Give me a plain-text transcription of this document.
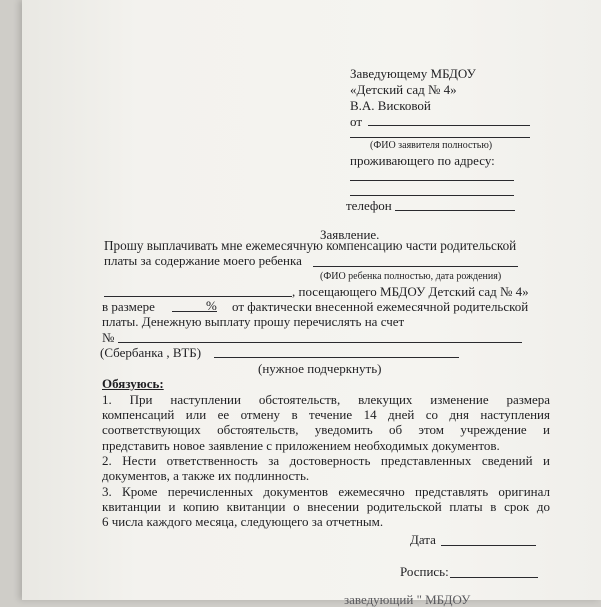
Заведующему МБДОУ
«Детский сад № 4»
В.А. Висковой
от
(ФИО заявителя полностью)
проживающего по адресу:
телефон
Заявление.
Прошу выплачивать мне ежемесячную компенсацию части родительской
платы за содержание моего ребенка
(ФИО ребенка полностью, дата рождения)
, посещающего МБДОУ Детский сад № 4»
в размере	% от фактически внесенной ежемесячной родительской
платы. Денежную выплату прошу перечислять на счет
№
(Сбербанка , ВТБ)
(нужное подчеркнуть)
Обязуюсь:
1. При наступлении обстоятельств, влекущих изменение размера
компенсаций или ее отмену в течение 14 дней со дня наступления
соответствующих обстоятельств, уведомить об этом учреждение и
представить новое заявление с приложением необходимых документов.
2. Нести ответственность за достоверность представленных сведений и
документов, а также их подлинность.
3. Кроме перечисленных документов ежемесячно представлять оригинал
квитанции и копию квитанции о внесении родительской платы в срок до
6 числа каждого месяца, следующего за отчетным.
Дата
Роспись:
заведующий " МБДОУ
